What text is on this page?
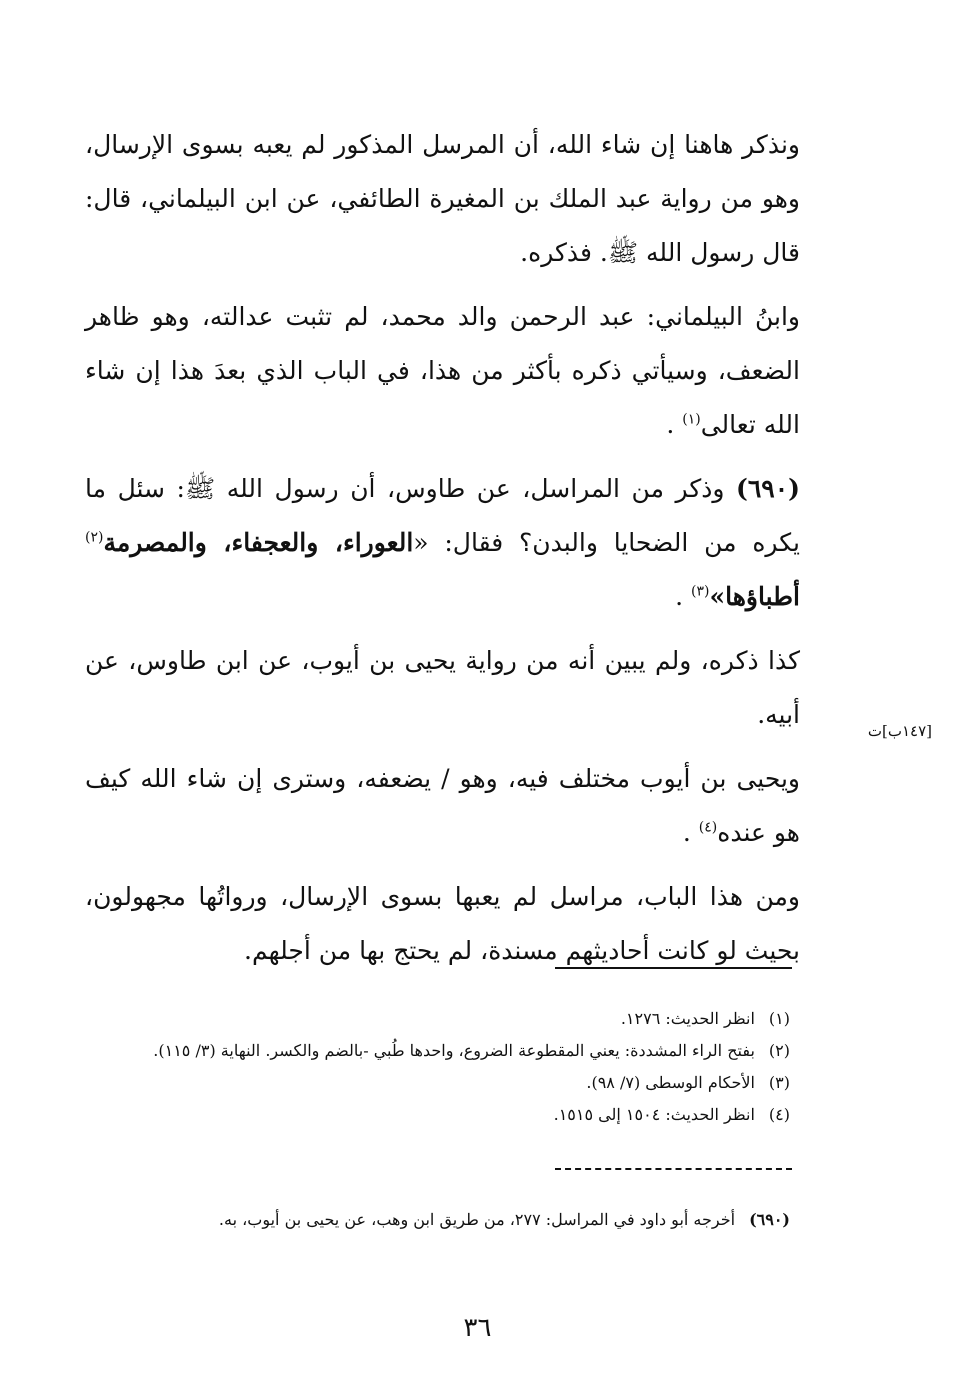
ونذكر هاهنا إن شاء الله، أن المرسل المذكور لم يعبه بسوى الإرسال، وهو من رواية عبد الملك بن المغيرة الطائفي، عن ابن البيلماني، قال: قال رسول الله ﷺ. فذكره.

وابنُ البيلماني: عبد الرحمن والد محمد، لم تثبت عدالته، وهو ظاهر الضعف، وسيأتي ذكره بأكثر من هذا، في الباب الذي بعدَ هذا إن شاء الله تعالى$^{(١)}$ .

(٦٩٠) وذكر من المراسل، عن طاوس، أن رسول الله ﷺ: سئل ما يكره من الضحايا والبدن؟ فقال: «العوراء، والعجفاء، والمصرمة$^{(٢)}$ أطباؤها»$^{(٣)}$ .

كذا ذكره، ولم يبين أنه من رواية يحيى بن أيوب، عن ابن طاوس، عن أبيه.

ويحيى بن أيوب مختلف فيه، وهو / يضعفه، وسترى إن شاء الله كيف هو عنده$^{(٤)}$ .

ومن هذا الباب، مراسل لم يعبها بسوى الإرسال، ورواتُها مجهولون، بحيث لو كانت أحاديثهم مسندة، لم يحتج بها من أجلهم.

[١٤٧ب]ت

(١)انظر الحديث: ١٢٧٦.

(٢)بفتح الراء المشددة: يعني المقطوعة الضروع، واحدها طُبي -بالضم والكسر. النهاية (٣/ ١١٥).

(٣)الأحكام الوسطى (٧/ ٩٨).

(٤)انظر الحديث: ١٥٠٤ إلى ١٥١٥.

(٦٩٠)أخرجه أبو داود في المراسل: ٢٧٧، من طريق ابن وهب، عن يحيى بن أيوب، به.
٣٦
